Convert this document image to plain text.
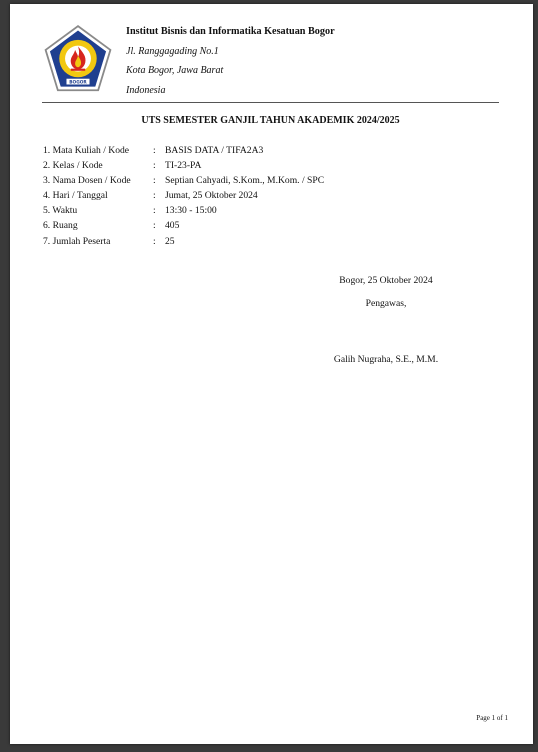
BOGOR
Institut Bisnis dan Informatika Kesatuan Bogor
Jl. Ranggagading No.1
Kota Bogor, Jawa Barat
Indonesia
UTS SEMESTER GANJIL TAHUN AKADEMIK 2024/2025
1. Mata Kuliah / Kode	: BASIS DATA / TIFA2A3
2. Kelas / Kode	: TI-23-PA
3. Nama Dosen / Kode	: Septian Cahyadi, S.Kom., M.Kom. / SPC
4. Hari / Tanggal	: Jumat, 25 Oktober 2024
5. Waktu	: 13:30 - 15:00
6. Ruang	: 405
7. Jumlah Peserta	: 25
Bogor, 25 Oktober 2024
Pengawas,
Galih Nugraha, S.E., M.M.
Page 1 of 1
